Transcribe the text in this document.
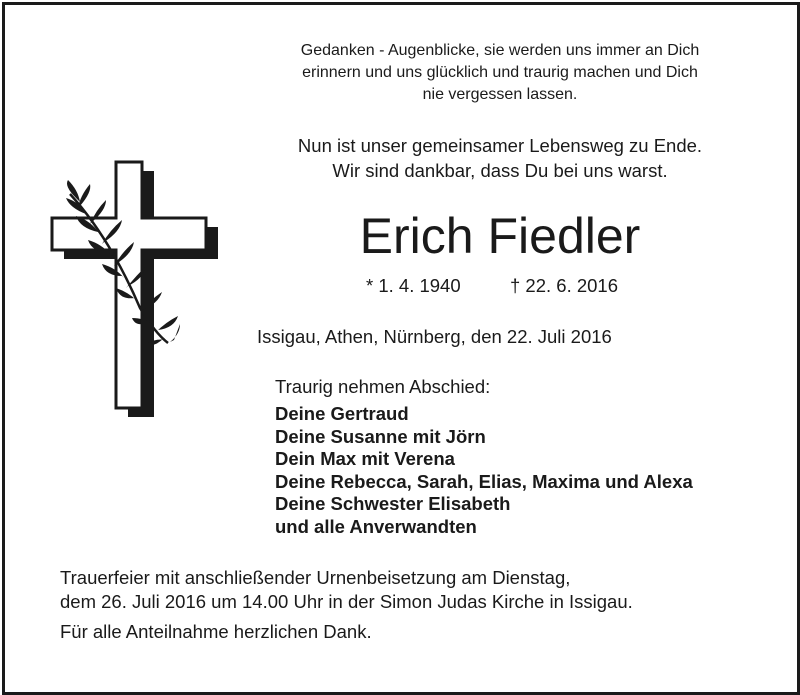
Gedanken - Augenblicke, sie werden uns immer an Dich
erinnern und uns glücklich und traurig machen und Dich
nie vergessen lassen.
Nun ist unser gemeinsamer Lebensweg zu Ende.
Wir sind dankbar, dass Du bei uns warst.
Erich Fiedler
* 1. 4. 1940	† 22. 6. 2016
Issigau, Athen, Nürnberg, den 22. Juli 2016
Traurig nehmen Abschied:
Deine Gertraud
Deine Susanne mit Jörn
Dein Max mit Verena
Deine Rebecca, Sarah, Elias, Maxima und Alexa
Deine Schwester Elisabeth
und alle Anverwandten
Trauerfeier mit anschließender Urnenbeisetzung am Dienstag,
dem 26. Juli 2016 um 14.00 Uhr in der Simon Judas Kirche in Issigau.
Für alle Anteilnahme herzlichen Dank.
